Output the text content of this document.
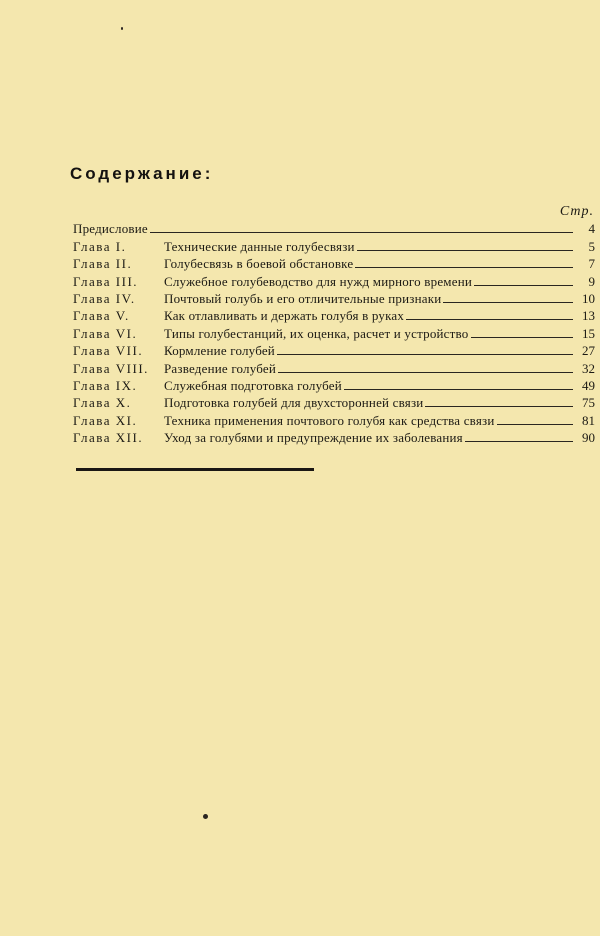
Содержание:
Стр.
Предисловие	4
Глава I.	Технические данные голубесвязи	5
Глава II.	Голубесвязь в боевой обстановке	7
Глава III.	Служебное голубеводство для нужд мирного времени	9
Глава IV.	Почтовый голубь и его отличительные признаки	10
Глава V.	Как отлавливать и держать голубя в руках	13
Глава VI.	Типы голубестанций, их оценка, расчет и устройство	15
Глава VII.	Кормление голубей	27
Глава VIII.	Разведение голубей	32
Глава IX.	Служебная подготовка голубей	49
Глава X.	Подготовка голубей для двухсторонней связи	75
Глава XI.	Техника применения почтового голубя как средства связи	81
Глава XII.	Уход за голубями и предупреждение их заболевания	90
